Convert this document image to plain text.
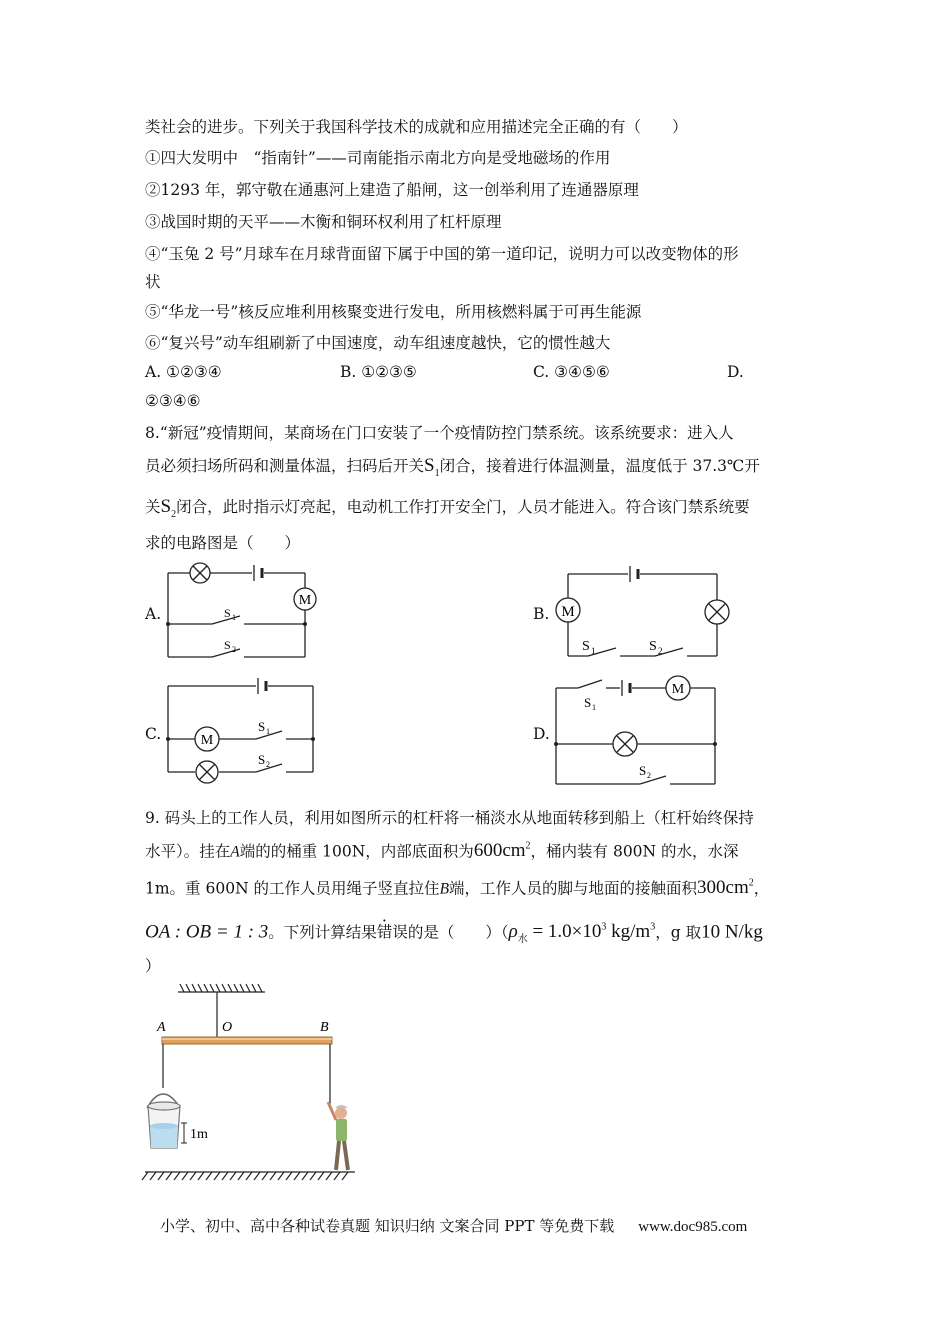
类社会的进步。下列关于我国科学技术的成就和应用描述完全正确的有（　　）
①四大发明中　“指南针”——司南能指示南北方向是受地磁场的作用
②1293 年，郭守敬在通惠河上建造了船闸，这一创举利用了连通器原理
③战国时期的天平——木衡和铜环权利用了杠杆原理
④“玉兔 2 号”月球车在月球背面留下属于中国的第一道印记，说明力可以改变物体的形
状
⑤“华龙一号”核反应堆利用核聚变进行发电，所用核燃料属于可再生能源
⑥“复兴号”动车组刷新了中国速度，动车组速度越快，它的惯性越大
A. ①②③④	B. ①②③⑤	C. ③④⑤⑥	D.
②③④⑥
8.“新冠”疫情期间，某商场在门口安装了一个疫情防控门禁系统。该系统要求：进入人
员必须扫场所码和测量体温，扫码后开关$S_1$闭合，接着进行体温测量，温度低于 37.3℃开
关$S_2$闭合，此时指示灯亮起，电动机工作打开安全门，人员才能进入。符合该门禁系统要
求的电路图是（　　）
A.
M
S 1
S 2
B. M
S 1	S 2
C.	M
S 1
S 2
D.
M
S 1
S 2
9. 码头上的工作人员，利用如图所示的杠杆将一桶淡水从地面转移到船上（杠杆始终保持
水平）。挂在A端的的桶重 100N，内部底面积为$600cm^2$，桶内装有 800N 的水，水深
1m。重 600N 的工作人员用绳子竖直拉住B端，工作人员的脚与地面的接触面积$300cm^2$，
OA : OB = 1 : 3。下列计算结果错误的是（　　）（$\rho_水 = 1.0\times 10^3$ $kg/m^3$，g 取10 N/kg
）
A	O	B
1m
小学、初中、高中各种试卷真题 知识归纳 文案合同 PPT 等免费下载 www.doc985.com
